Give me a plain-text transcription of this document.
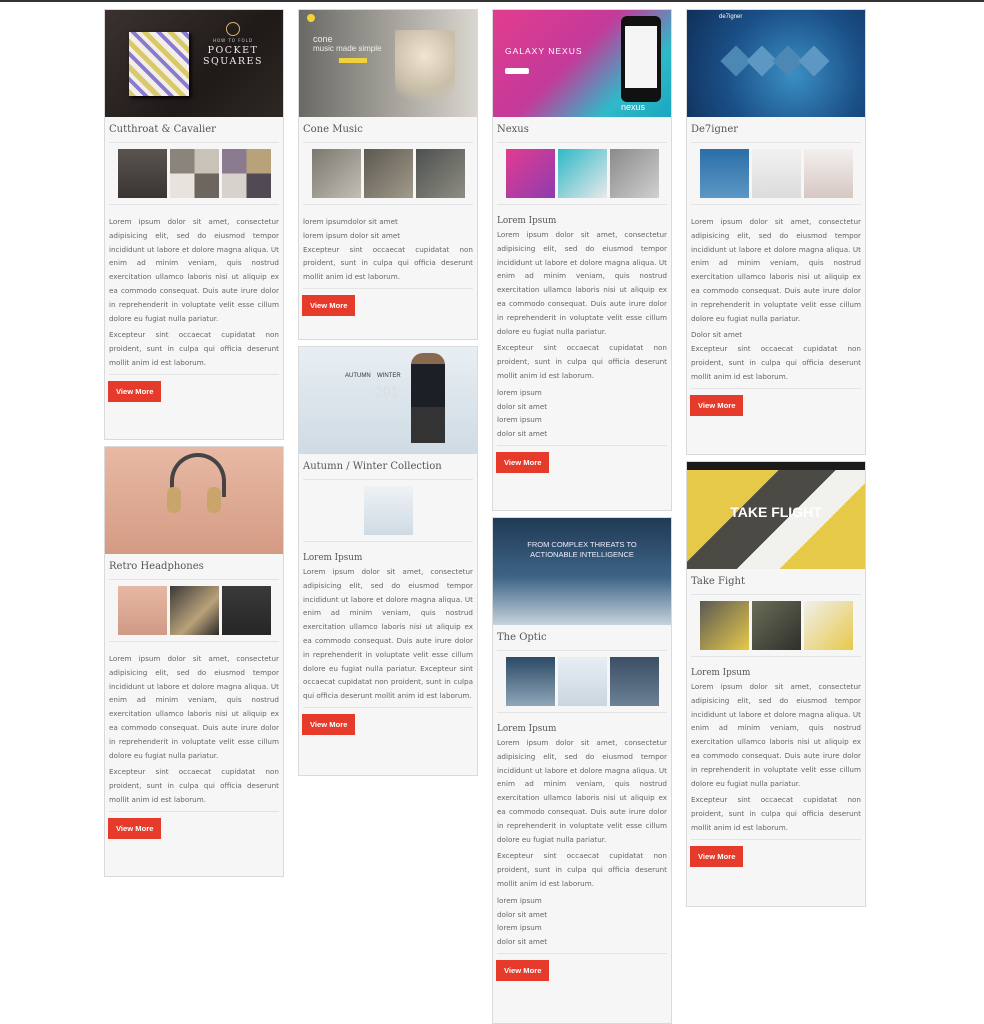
HOW TO FOLD
POCKET
SQUARES
Cutthroat & Cavalier
Lorem ipsum dolor sit amet, consectetur adipisicing elit, sed do eiusmod tempor incididunt ut labore et dolore magna aliqua. Ut enim ad minim veniam, quis nostrud exercitation ullamco laboris nisi ut aliquip ex ea commodo consequat. Duis aute irure dolor in reprehenderit in voluptate velit esse cillum dolore eu fugiat nulla pariatur.
Excepteur sint occaecat cupidatat non proident, sunt in culpa qui officia deserunt mollit anim id est laborum.
View More
Retro Headphones
Lorem ipsum dolor sit amet, consectetur adipisicing elit, sed do eiusmod tempor incididunt ut labore et dolore magna aliqua. Ut enim ad minim veniam, quis nostrud exercitation ullamco laboris nisi ut aliquip ex ea commodo consequat. Duis aute irure dolor in reprehenderit in voluptate velit esse cillum dolore eu fugiat nulla pariatur.
Excepteur sint occaecat cupidatat non proident, sunt in culpa qui officia deserunt mollit anim id est laborum.
View More
cone
music made simple
Cone Music
lorem ipsumdolor sit amet
lorem ipsum dolor sit amet
Excepteur sint occaecat cupidatat non proident, sunt in culpa qui officia deserunt mollit anim id est laborum.
View More
AUTUMN WINTER
201
Autumn / Winter Collection
Lorem Ipsum
Lorem ipsum dolor sit amet, consectetur adipisicing elit, sed do eiusmod tempor incididunt ut labore et dolore magna aliqua. Ut enim ad minim veniam, quis nostrud exercitation ullamco laboris nisi ut aliquip ex ea commodo consequat. Duis aute irure dolor in reprehenderit in voluptate velit esse cillum dolore eu fugiat nulla pariatur. Excepteur sint occaecat cupidatat non proident, sunt in culpa qui officia deserunt mollit anim id est laborum.
View More
GALAXY NEXUS
nexus
Nexus
Lorem Ipsum
Lorem ipsum dolor sit amet, consectetur adipisicing elit, sed do eiusmod tempor incididunt ut labore et dolore magna aliqua. Ut enim ad minim veniam, quis nostrud exercitation ullamco laboris nisi ut aliquip ex ea commodo consequat. Duis aute irure dolor in reprehenderit in voluptate velit esse cillum dolore eu fugiat nulla pariatur.
Excepteur sint occaecat cupidatat non proident, sunt in culpa qui officia deserunt mollit anim id est laborum.
lorem ipsum
dolor sit amet
lorem ipsum
dolor sit amet
View More
FROM COMPLEX THREATS TO
ACTIONABLE INTELLIGENCE
The Optic
Lorem Ipsum
Lorem ipsum dolor sit amet, consectetur adipisicing elit, sed do eiusmod tempor incididunt ut labore et dolore magna aliqua. Ut enim ad minim veniam, quis nostrud exercitation ullamco laboris nisi ut aliquip ex ea commodo consequat. Duis aute irure dolor in reprehenderit in voluptate velit esse cillum dolore eu fugiat nulla pariatur.
Excepteur sint occaecat cupidatat non proident, sunt in culpa qui officia deserunt mollit anim id est laborum.
lorem ipsum
dolor sit amet
lorem ipsum
dolor sit amet
View More
de7igner
De7igner
Lorem ipsum dolor sit amet, consectetur adipisicing elit, sed do eiusmod tempor incididunt ut labore et dolore magna aliqua. Ut enim ad minim veniam, quis nostrud exercitation ullamco laboris nisi ut aliquip ex ea commodo consequat. Duis aute irure dolor in reprehenderit in voluptate velit esse cillum dolore eu fugiat nulla pariatur.
Dolor sit amet
Excepteur sint occaecat cupidatat non proident, sunt in culpa qui officia deserunt mollit anim id est laborum.
View More
TAKE FLIGHT
Take Fight
Lorem Ipsum
Lorem ipsum dolor sit amet, consectetur adipisicing elit, sed do eiusmod tempor incididunt ut labore et dolore magna aliqua. Ut enim ad minim veniam, quis nostrud exercitation ullamco laboris nisi ut aliquip ex ea commodo consequat. Duis aute irure dolor in reprehenderit in voluptate velit esse cillum dolore eu fugiat nulla pariatur.
Excepteur sint occaecat cupidatat non proident, sunt in culpa qui officia deserunt mollit anim id est laborum.
View More
